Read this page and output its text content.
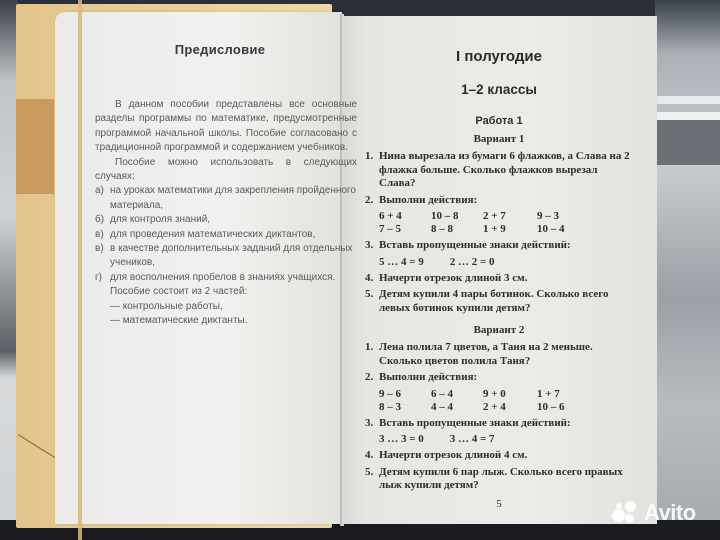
Предисловие
В данном пособии представлены все основные разделы программы по математике, предусмотренные программой начальной школы. Пособие согласовано с традиционной программой и содержанием учебников.
Пособие можно использовать в следующих случаях:
а) на уроках математики для закрепления пройденного материала,
б) для контроля знаний,
в) для проведения математических диктантов,
в) в качестве дополнительных заданий для отдельных учеников,
г) для восполнения пробелов в знаниях учащихся.
Пособие состоит из 2 частей:
— контрольные работы,
— математические диктанты.
I полугодие
1–2 классы
Работа 1
Вариант 1
1. Нина вырезала из бумаги 6 флажков, а Слава на 2 флажка больше. Сколько флажков вырезал Слава?
2. Выполни действия:
6 + 4	10 – 8	2 + 7	9 – 3
7 – 5	8 – 8	1 + 9	10 – 4
3. Вставь пропущенные знаки действий:
5 … 4 = 9 2 … 2 = 0
4. Начерти отрезок длиной 3 см.
5. Детям купили 4 пары ботинок. Сколько всего левых ботинок купили детям?
Вариант 2
1. Лена полила 7 цветов, а Таня на 2 меньше. Сколько цветов полила Таня?
2. Выполни действия:
9 – 6	6 – 4	9 + 0	1 + 7
8 – 3	4 – 4	2 + 4	10 – 6
3. Вставь пропущенные знаки действий:
3 … 3 = 0 3 … 4 = 7
4. Начерти отрезок длиной 4 см.
5. Детям купили 6 пар лыж. Сколько всего правых лыж купили детям?
5	Avito
